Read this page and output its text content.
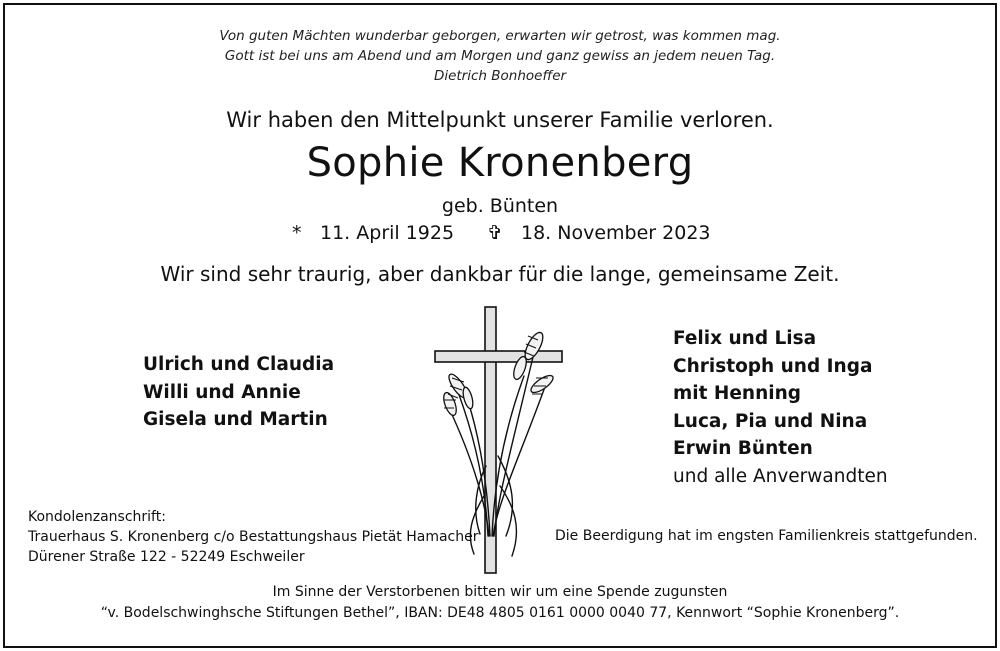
Von guten Mächten wunderbar geborgen, erwarten wir getrost, was kommen mag.
Gott ist bei uns am Abend und am Morgen und ganz gewiss an jedem neuen Tag.
Dietrich Bonhoeffer
Wir haben den Mittelpunkt unserer Familie verloren.
Sophie Kronenberg
geb. Bünten
* 11. April 1925 ✞ 18. November 2023
Wir sind sehr traurig, aber dankbar für die lange, gemeinsame Zeit.
Ulrich und Claudia
Willi und Annie
Gisela und Martin
Felix und Lisa
Christoph und Inga
mit Henning
Luca, Pia und Nina
Erwin Bünten
und alle Anverwandten
Kondolenzanschrift:
Trauerhaus S. Kronenberg c/o Bestattungshaus Pietät Hamacher
Dürener Straße 122 - 52249 Eschweiler
Die Beerdigung hat im engsten Familienkreis stattgefunden.
Im Sinne der Verstorbenen bitten wir um eine Spende zugunsten
“v. Bodelschwinghsche Stiftungen Bethel”, IBAN: DE48 4805 0161 0000 0040 77, Kennwort “Sophie Kronenberg”.
